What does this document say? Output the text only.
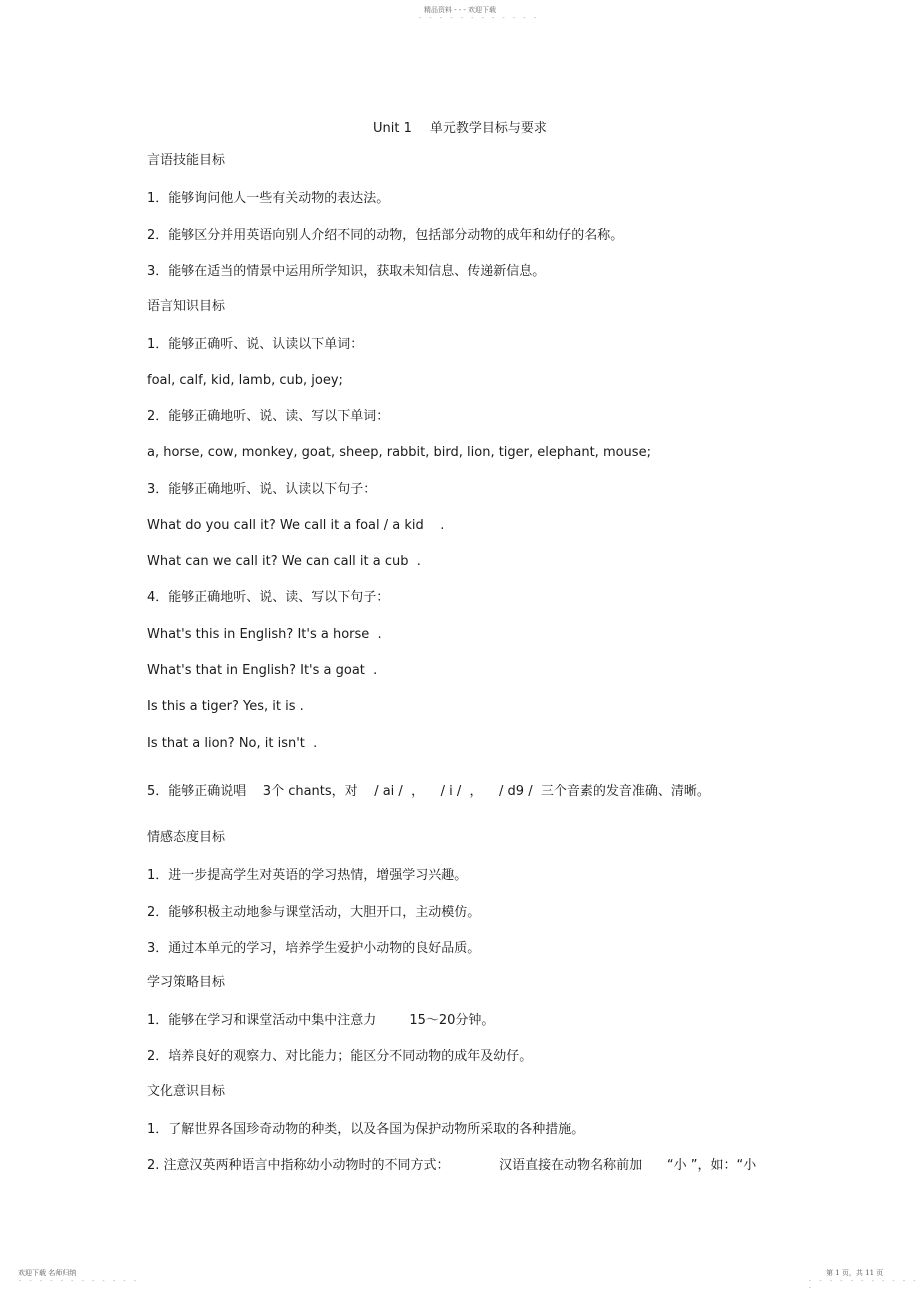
精品资料 - - - 欢迎下载
- - - - - - - - - - - -
Unit 1 单元教学目标与要求
言语技能目标
1．能够询问他人一些有关动物的表达法。
2．能够区分并用英语向别人介绍不同的动物，包括部分动物的成年和幼仔的名称。
3．能够在适当的情景中运用所学知识，获取未知信息、传递新信息。
语言知识目标
1．能够正确听、说、认读以下单词：
foal, calf, kid, lamb, cub, joey;
2．能够正确地听、说、读、写以下单词：
a, horse, cow, monkey, goat, sheep, rabbit, bird, lion, tiger, elephant, mouse;
3．能够正确地听、说、认读以下句子：
What do you call it? We call it a foal / a kid    .
What can we call it? We can call it a cub  .
4．能够正确地听、说、读、写以下句子：
What's this in English? It's a horse  .
What's that in English? It's a goat  .
Is this a tiger? Yes, it is .
Is that a lion? No, it isn't  .
5．能够正确说唱    3个 chants，对    / ai /  ，    / i /  ，    / d9 /  三个音素的发音准确、清晰。
情感态度目标
1．进一步提高学生对英语的学习热情，增强学习兴趣。
2．能够积极主动地参与课堂活动，大胆开口，主动模仿。
3．通过本单元的学习，培养学生爱护小动物的良好品质。
学习策略目标
1．能够在学习和课堂活动中集中注意力        15～20分钟。
2．培养良好的观察力、对比能力；能区分不同动物的成年及幼仔。
文化意识目标
1．了解世界各国珍奇动物的种类，以及各国为保护动物所采取的各种措施。
2. 注意汉英两种语言中指称幼小动物时的不同方式：            汉语直接在动物名称前加      “小 ”，如：“小
欢迎下载 名师归纳
- - - - - - - - - - - -
第 1 页，共 11 页
- - - - - - - - - - - -
